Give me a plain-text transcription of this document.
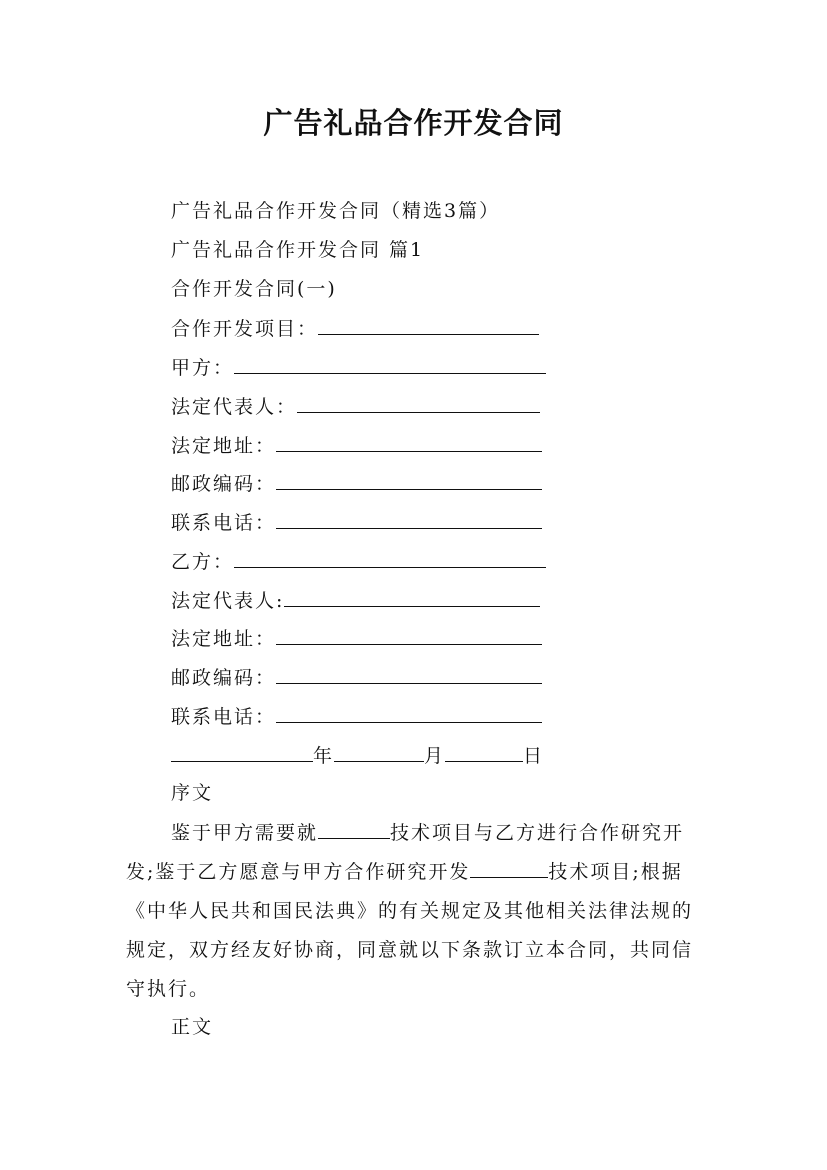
广告礼品合作开发合同
广告礼品合作开发合同（精选3篇）
广告礼品合作开发合同 篇1
合作开发合同(一)
合作开发项目：
甲方：
法定代表人：
法定地址：
邮政编码：
联系电话：
乙方：
法定代表人:
法定地址：
邮政编码：
联系电话：
年	月	日
序文
鉴于甲方需要就	技术项目与乙方进行合作研究开发;鉴于乙方愿意与甲方合作研究开发	技术项目;根据《中华人民共和国民法典》的有关规定及其他相关法律法规的规定，双方经友好协商，同意就以下条款订立本合同，共同信守执行。
正文
